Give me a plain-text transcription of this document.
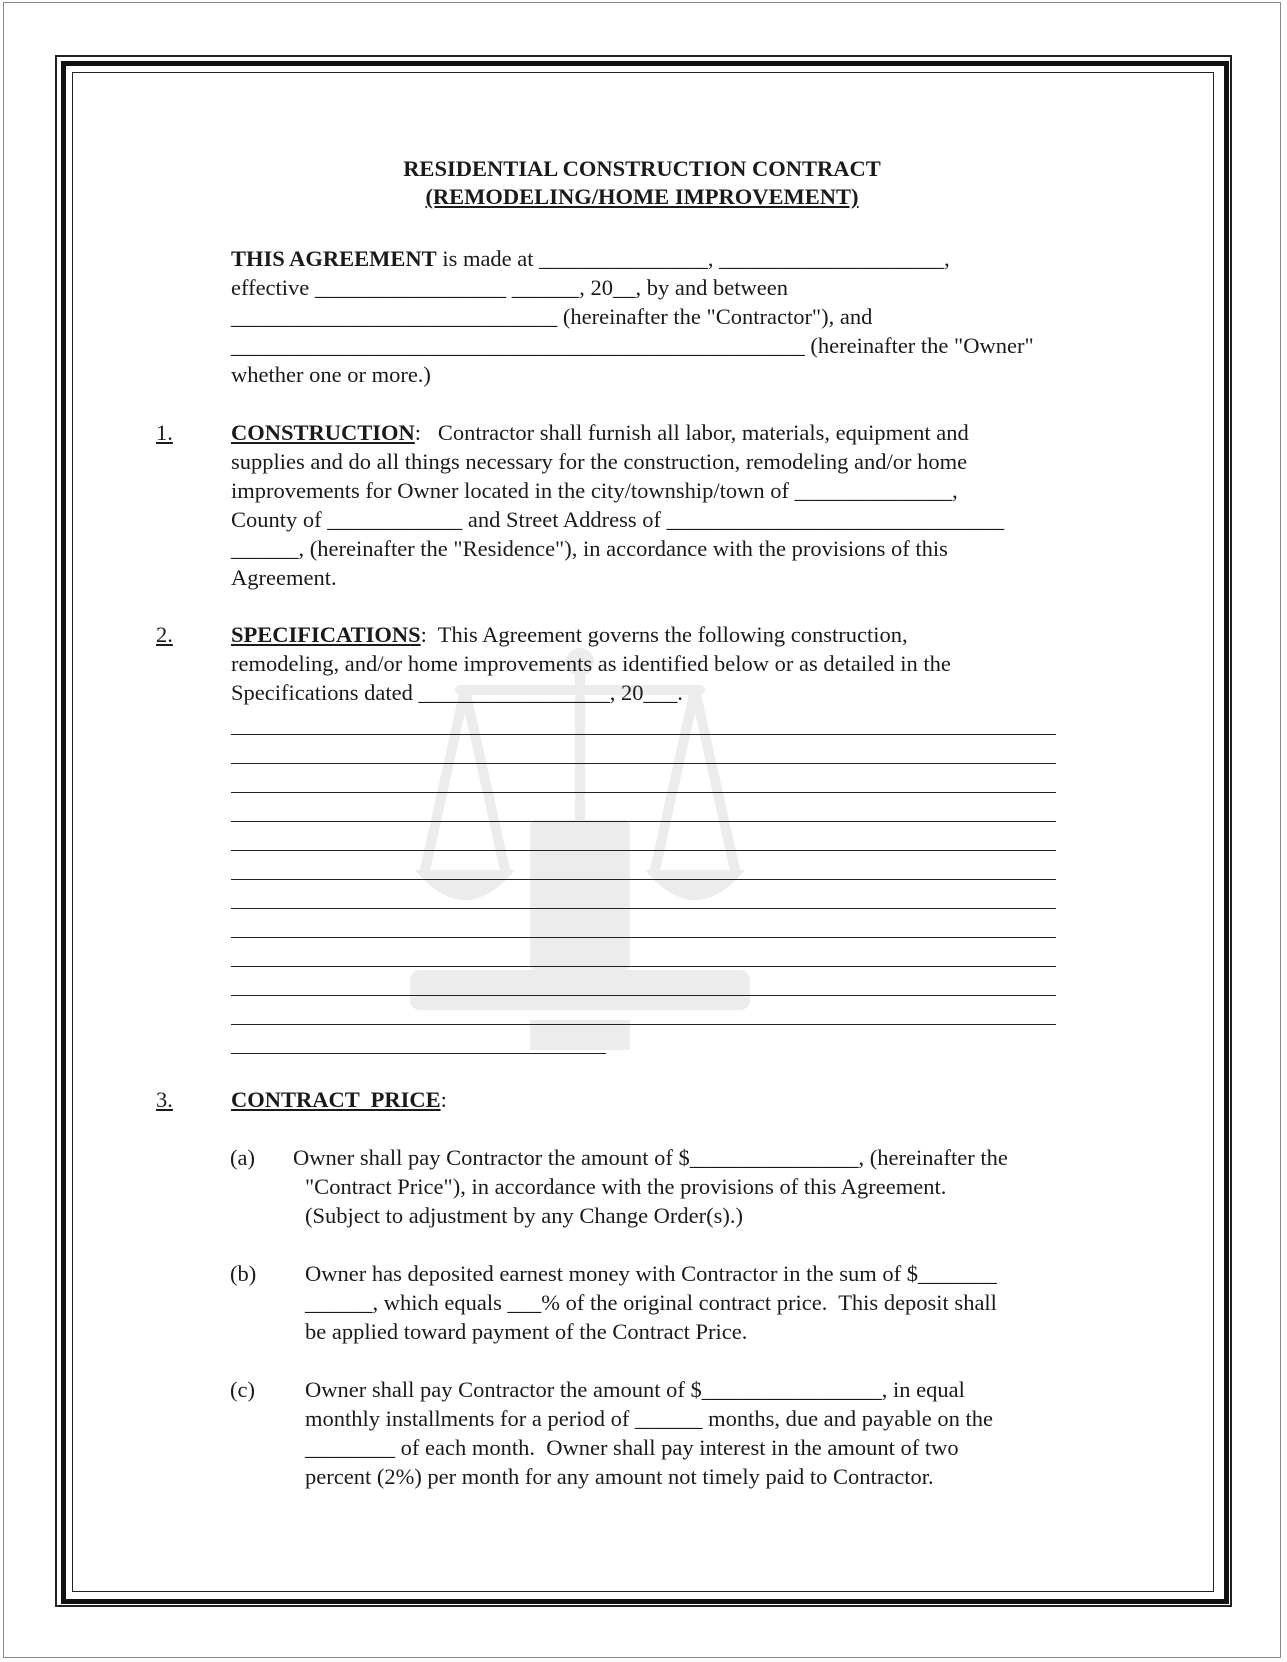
RESIDENTIAL CONSTRUCTION CONTRACT
(REMODELING/HOME IMPROVEMENT)
THIS AGREEMENT is made at _______________, ____________________,
effective _________________ ______, 20__, by and between
_____________________________ (hereinafter the "Contractor"), and
___________________________________________________ (hereinafter the "Owner"
whether one or more.)
1.	CONSTRUCTION:   Contractor shall furnish all labor, materials, equipment and
supplies and do all things necessary for the construction, remodeling and/or home
improvements for Owner located in the city/township/town of ______________,
County of ____________ and Street Address of ______________________________
______, (hereinafter the "Residence"), in accordance with the provisions of this
Agreement.
2.	SPECIFICATIONS:  This Agreement governs the following construction,
remodeling, and/or home improvements as identified below or as detailed in the
Specifications dated _________________, 20___.
3.	CONTRACT  PRICE:
(a) Owner shall pay Contractor the amount of $_______________, (hereinafter the
"Contract Price"), in accordance with the provisions of this Agreement.
(Subject to adjustment by any Change Order(s).)
(b) Owner has deposited earnest money with Contractor in the sum of $_______
______, which equals ___% of the original contract price.  This deposit shall
be applied toward payment of the Contract Price.
(c) Owner shall pay Contractor the amount of $________________, in equal
monthly installments for a period of ______ months, due and payable on the
________ of each month.  Owner shall pay interest in the amount of two
percent (2%) per month for any amount not timely paid to Contractor.
